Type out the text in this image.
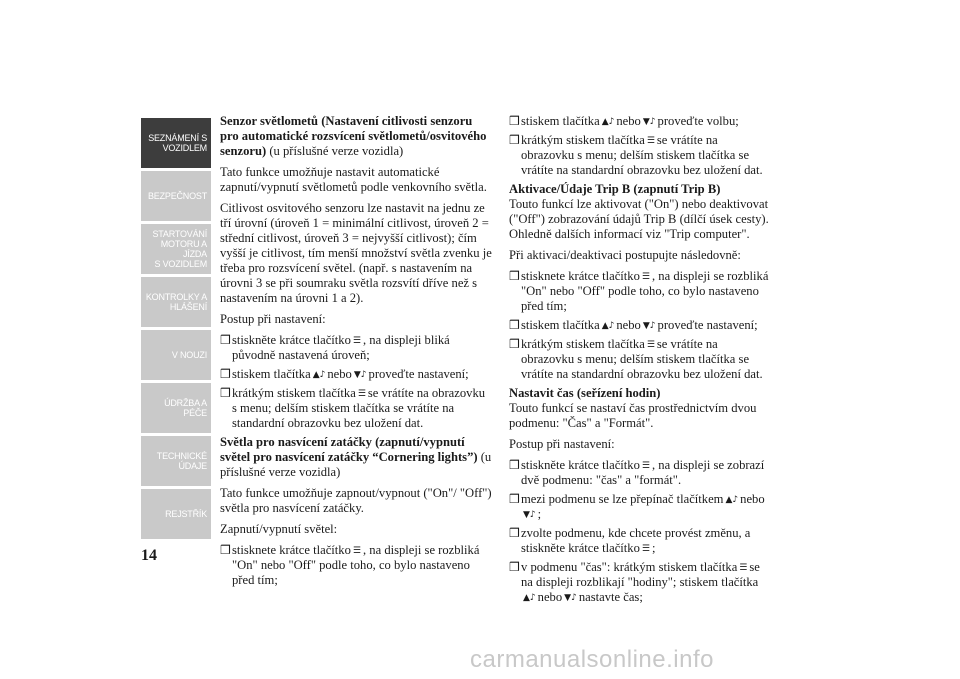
SEZNÁMENÍ S
VOZIDLEM
BEZPEČNOST
STARTOVÁNÍ
MOTORU A JÍZDA
S VOZIDLEM
KONTROLKY A
HLÁŠENÍ
V NOUZI
ÚDRŽBA A PÉČE
TECHNICKÉ
ÚDAJE
REJSTŘÍK
14

Senzor světlometů (Nastavení citlivosti senzoru pro automatické rozsvícení světlometů/osvitového senzoru) (u příslušné verze vozidla)

Tato funkce umožňuje nastavit automatické zapnutí/vypnutí světlometů podle venkovního světla.

Citlivost osvitového senzoru lze nastavit na jednu ze tří úrovní (úroveň 1 = minimální citlivost, úroveň 2 = střední citlivost, úroveň 3 = nejvyšší citlivost); čím vyšší je citlivost, tím menší množství světla zvenku je třeba pro rozsvícení světel. (např. s nastavením na úrovni 3 se při soumraku světla rozsvítí dříve než s nastavením na úrovni 1 a 2).

Postup při nastavení:

❒ stiskněte krátce tlačítko ☰ , na displeji bliká původně nastavená úroveň;
❒ stiskem tlačítka ▲♪ nebo ▼♪ proveďte nastavení;
❒ krátkým stiskem tlačítka ☰ se vrátíte na obrazovku s menu; delším stiskem tlačítka se vrátíte na standardní obrazovku bez uložení dat.

Světla pro nasvícení zatáčky (zapnutí/vypnutí světel pro nasvícení zatáčky “Cornering lights”) (u příslušné verze vozidla)

Tato funkce umožňuje zapnout/vypnout ("On"/ "Off") světla pro nasvícení zatáčky.

Zapnutí/vypnutí světel:

❒ stisknete krátce tlačítko ☰ , na displeji se rozbliká "On" nebo "Off" podle toho, co bylo nastaveno před tím;
❒ stiskem tlačítka ▲♪ nebo ▼♪ proveďte volbu;
❒ krátkým stiskem tlačítka ☰ se vrátíte na obrazovku s menu; delším stiskem tlačítka se vrátíte na standardní obrazovku bez uložení dat.

Aktivace/Údaje Trip B (zapnutí Trip B)

Touto funkcí lze aktivovat ("On") nebo deaktivovat ("Off") zobrazování údajů Trip B (dílčí úsek cesty). Ohledně dalších informací viz "Trip computer".

Při aktivaci/deaktivaci postupujte následovně:

❒ stisknete krátce tlačítko ☰ , na displeji se rozbliká "On" nebo "Off" podle toho, co bylo nastaveno před tím;
❒ stiskem tlačítka ▲♪ nebo ▼♪ proveďte nastavení;
❒ krátkým stiskem tlačítka ☰ se vrátíte na obrazovku s menu; delším stiskem tlačítka se vrátíte na standardní obrazovku bez uložení dat.

Nastavit čas (seřízení hodin)

Touto funkcí se nastaví čas prostřednictvím dvou podmenu: "Čas" a "Formát".

Postup při nastavení:

❒ stiskněte krátce tlačítko ☰ , na displeji se zobrazí dvě podmenu: "čas" a "formát".
❒ mezi podmenu se lze přepínač tlačítkem ▲♪ nebo▼♪ ;
❒ zvolte podmenu, kde chcete provést změnu, a stiskněte krátce tlačítko ☰ ;
❒ v podmenu "čas": krátkým stiskem tlačítka ☰ se na displeji rozblikají "hodiny"; stiskem tlačítka▲♪ nebo ▼♪ nastavte čas;
carmanualsonline.info
